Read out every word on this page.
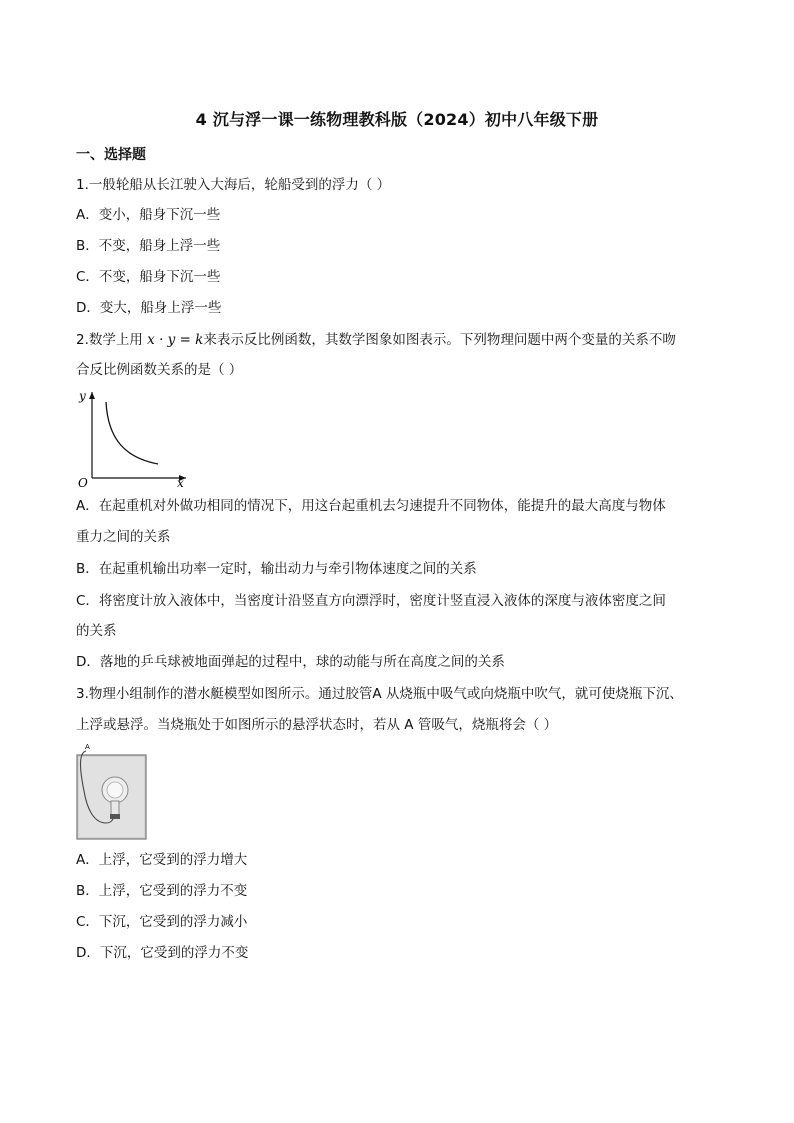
4 沉与浮一课一练物理教科版（2024）初中八年级下册
一、选择题
1.一般轮船从长江驶入大海后，轮船受到的浮力（ ）
A．变小，船身下沉一些
B．不变，船身上浮一些
C．不变，船身下沉一些
D．变大，船身上浮一些
2.数学上用 x · y = k来表示反比例函数，其数学图象如图表示。下列物理问题中两个变量的关系不吻
合反比例函数关系的是（ ）
y
x
O
A．在起重机对外做功相同的情况下，用这台起重机去匀速提升不同物体，能提升的最大高度与物体
重力之间的关系
B．在起重机输出功率一定时，输出动力与牵引物体速度之间的关系
C．将密度计放入液体中，当密度计沿竖直方向漂浮时，密度计竖直浸入液体的深度与液体密度之间
的关系
D．落地的乒乓球被地面弹起的过程中，球的动能与所在高度之间的关系
3.物理小组制作的潜水艇模型如图所示。通过胶管A 从烧瓶中吸气或向烧瓶中吹气，就可使烧瓶下沉、
上浮或悬浮。当烧瓶处于如图所示的悬浮状态时，若从 A 管吸气，烧瓶将会（ ）
A
A．上浮，它受到的浮力增大
B．上浮，它受到的浮力不变
C．下沉，它受到的浮力减小
D．下沉，它受到的浮力不变
